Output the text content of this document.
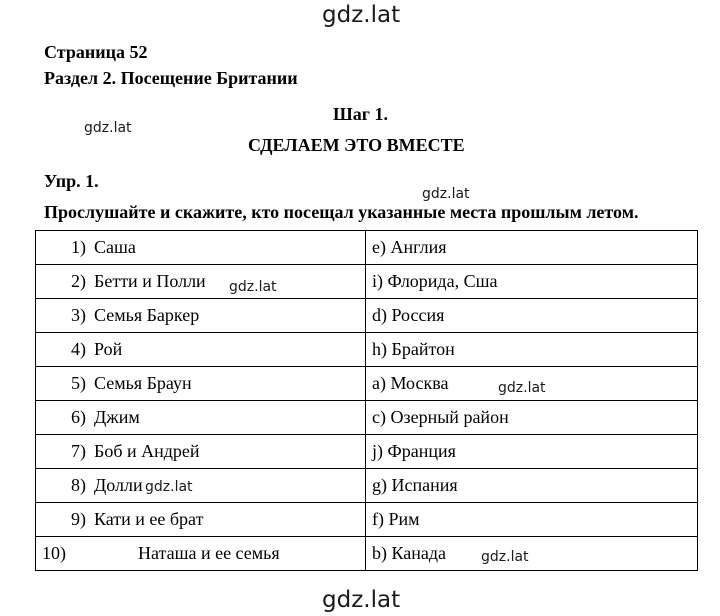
gdz.lat
Страница 52
Раздел 2. Посещение Британии
Шаг 1.
gdz.lat
СДЕЛАЕМ ЭТО ВМЕСТЕ
Упр. 1.
gdz.lat
Прослушайте и скажите, кто посещал указанные места прошлым летом.
1) Саша	e) Англия
2) Бетти и Полли	i) Флорида, Сша
3) Семья Баркер	d) Россия
4) Рой	h) Брайтон
5) Семья Браун	a) Москва
6) Джим	c) Озерный район
7) Боб и Андрей	j) Франция
8) Долли	g) Испания
9) Кати и ее брат	f) Рим
10) Наташа и ее семья	b) Канада
gdz.lat
gdz.lat
gdz.lat
gdz.lat
gdz.lat
